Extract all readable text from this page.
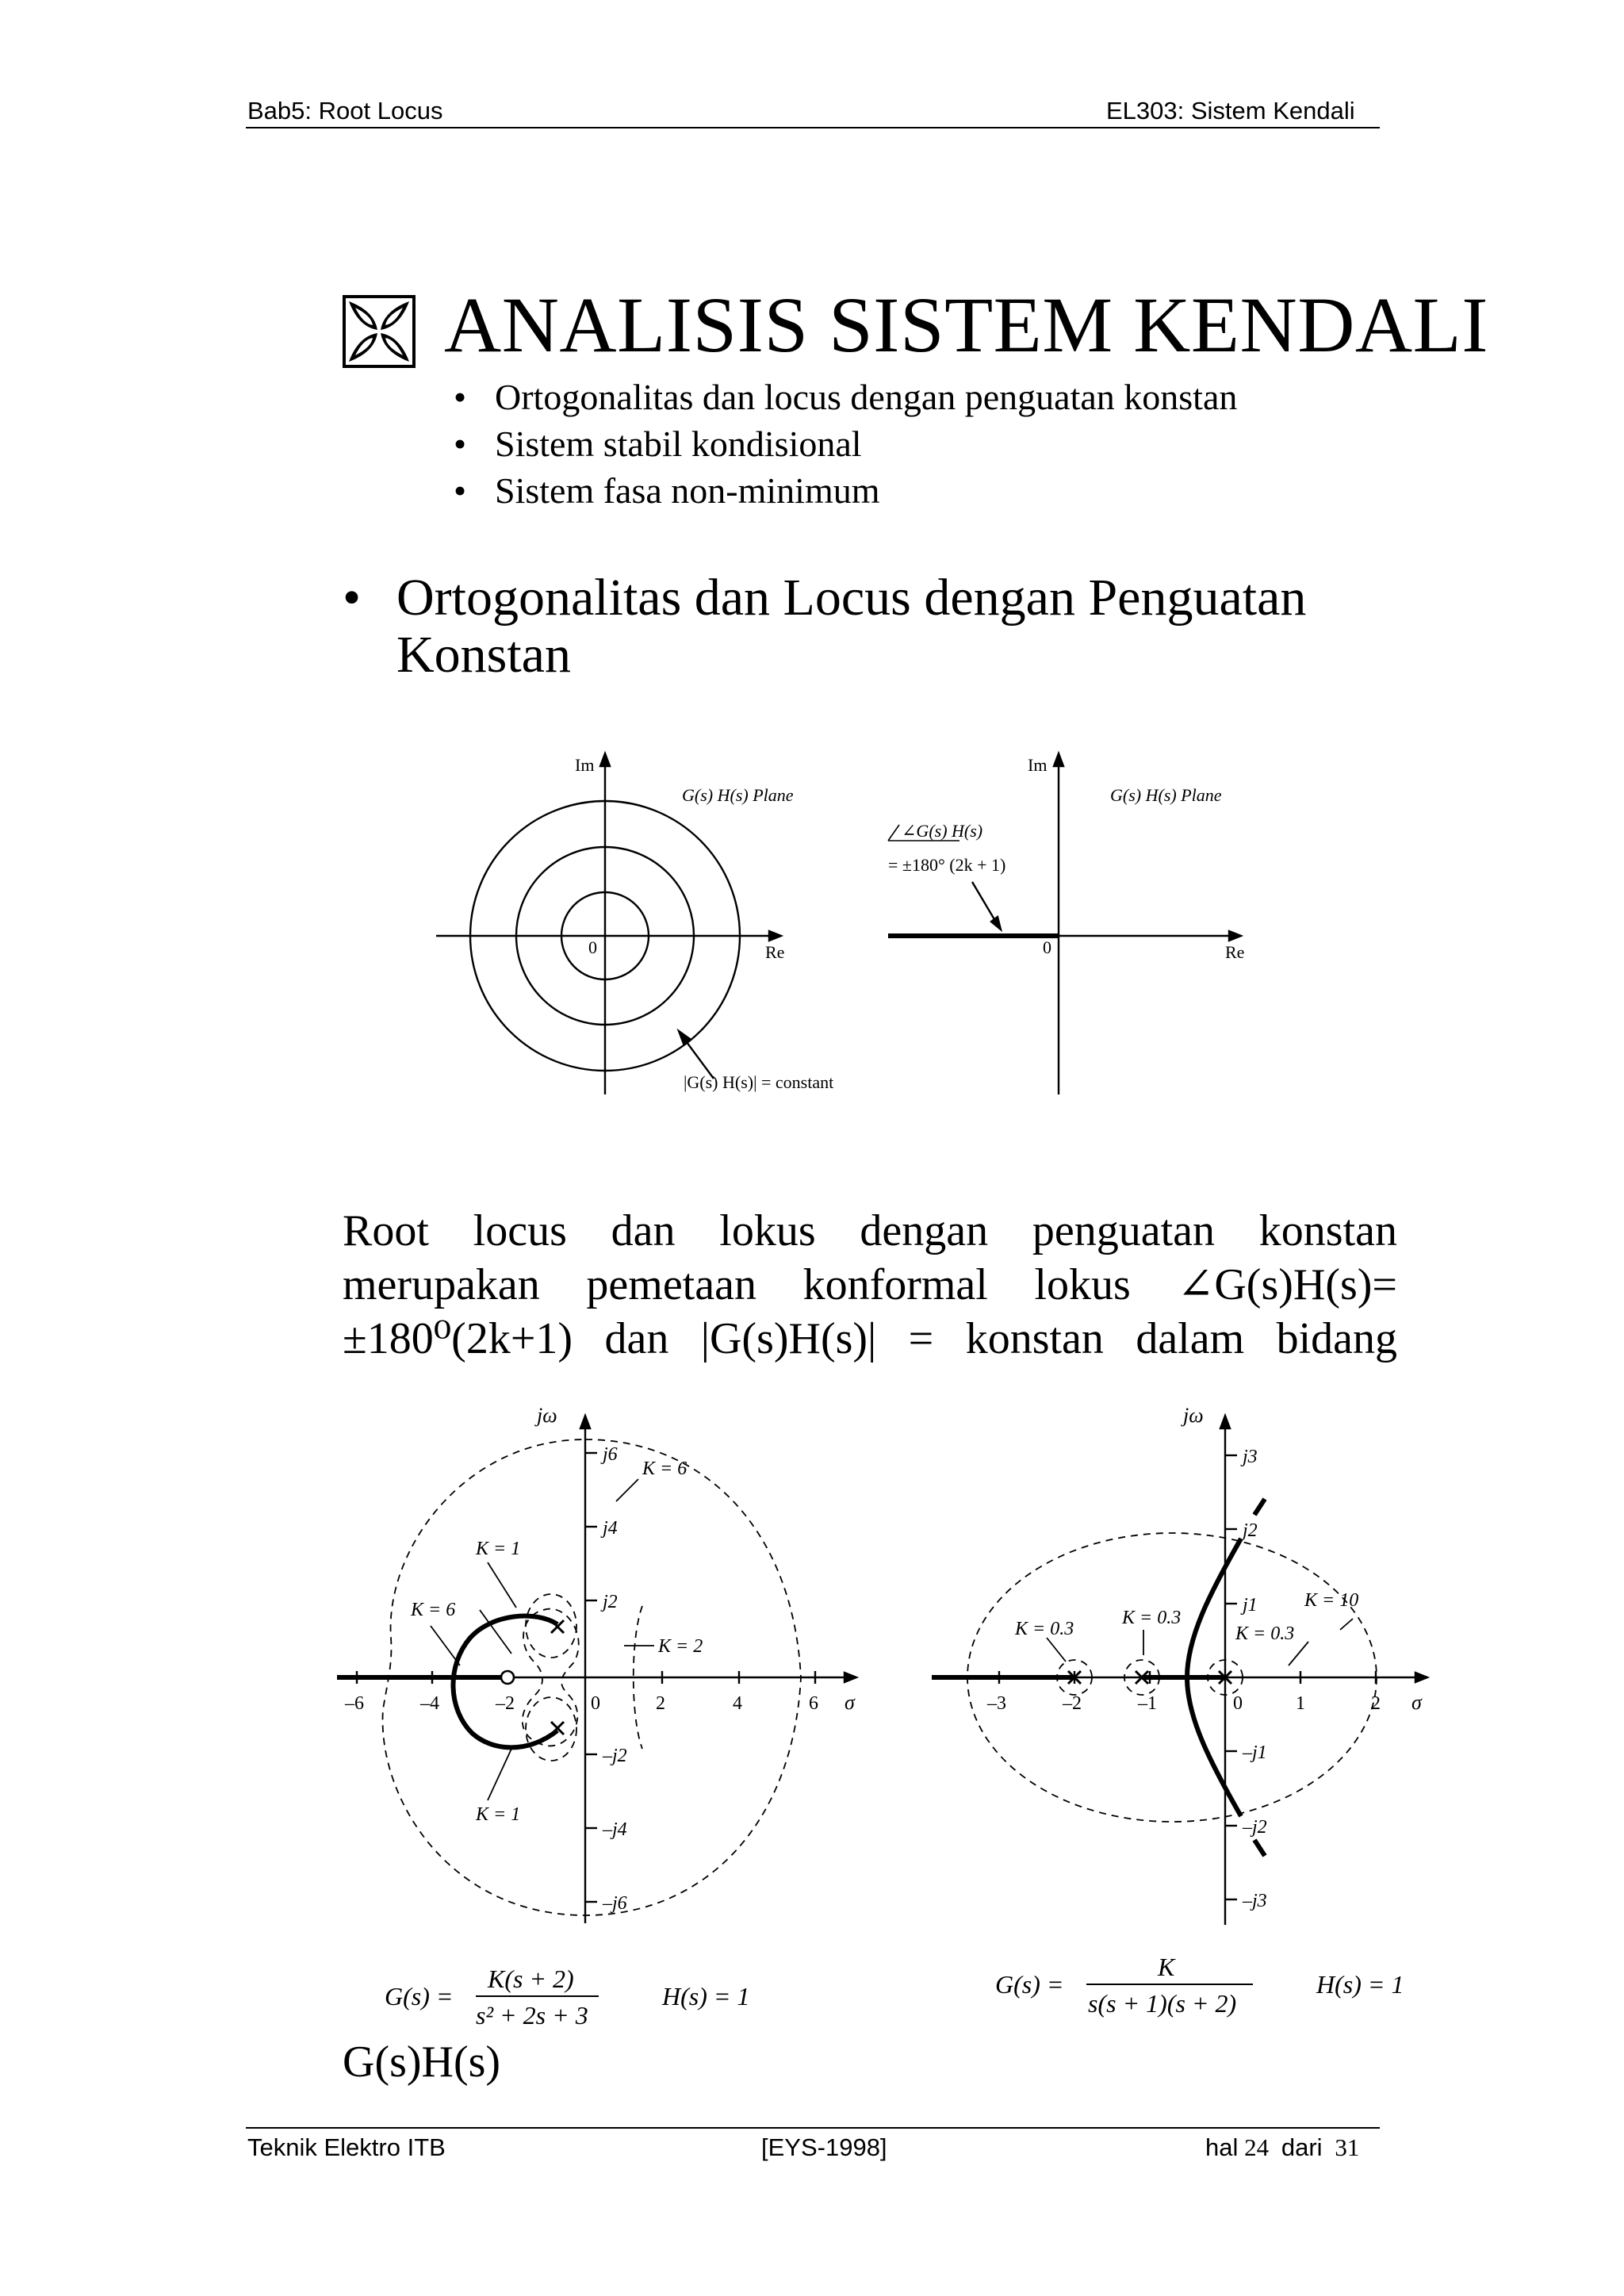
Bab5: Root Locus	EL303: Sistem Kendali
ANALISIS SISTEM KENDALI
• Ortogonalitas dan locus dengan penguatan konstan
• Sistem stabil kondisional
• Sistem fasa non-minimum
• Ortogonalitas dan Locus dengan Penguatan
Konstan
Im
G(s) H(s) Plane
0	Re
|G(s) H(s)| = constant
Im
G(s) H(s) Plane
∠G(s) H(s)
= ±180° (2k + 1)
0	Re
Root locus dan lokus dengan penguatan konstan
merupakan pemetaan konformal lokus ∠G(s)H(s)=
±180⁰(2k+1) dan |G(s)H(s)| = konstan dalam bidang
jω
σ
j6
j4
j2
–j2
–j4
–j6
–6	–4	–2	0	2	4	6
K = 6
K = 1
K = 6
K = 2
K = 1
jω
σ
j3
j2
j1
–j1
–j2
–j3
–3	–2	–1	0	1	2
K = 10
K = 0.3
K = 0.3	K = 0.3
G(s) =
K(s + 2)
s² + 2s + 3
H(s) = 1	G(s) =
K
s(s + 1)(s + 2)
H(s) = 1
G(s)H(s)
Teknik Elektro ITB	[EYS-1998]	hal 24 dari 31
